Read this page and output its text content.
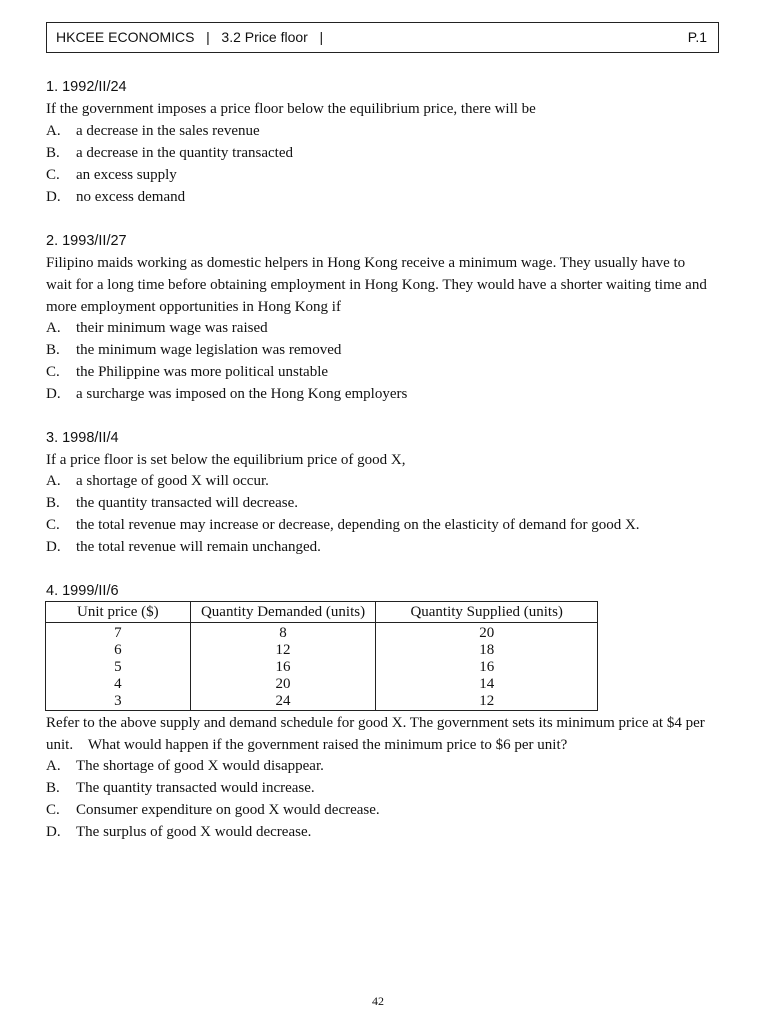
HKCEE ECONOMICS   |   3.2 Price floor   |	P.1
1. 1992/II/24
If the government imposes a price floor below the equilibrium price, there will be
A. a decrease in the sales revenue
B. a decrease in the quantity transacted
C. an excess supply
D. no excess demand
2. 1993/II/27
Filipino maids working as domestic helpers in Hong Kong receive a minimum wage. They usually have to
wait for a long time before obtaining employment in Hong Kong. They would have a shorter waiting time and
more employment opportunities in Hong Kong if
A. their minimum wage was raised
B. the minimum wage legislation was removed
C. the Philippine was more political unstable
D. a surcharge was imposed on the Hong Kong employers
3. 1998/II/4
If a price floor is set below the equilibrium price of good X,
A. a shortage of good X will occur.
B. the quantity transacted will decrease.
C. the total revenue may increase or decrease, depending on the elasticity of demand for good X.
D. the total revenue will remain unchanged.
4. 1999/II/6
Unit price ($)	Quantity Demanded (units)	Quantity Supplied (units)
7	8	20
6	12	18
5	16	16
4	20	14
3	24	12
Refer to the above supply and demand schedule for good X. The government sets its minimum price at $4 per
unit.    What would happen if the government raised the minimum price to $6 per unit?
A. The shortage of good X would disappear.
B. The quantity transacted would increase.
C. Consumer expenditure on good X would decrease.
D. The surplus of good X would decrease.
42
